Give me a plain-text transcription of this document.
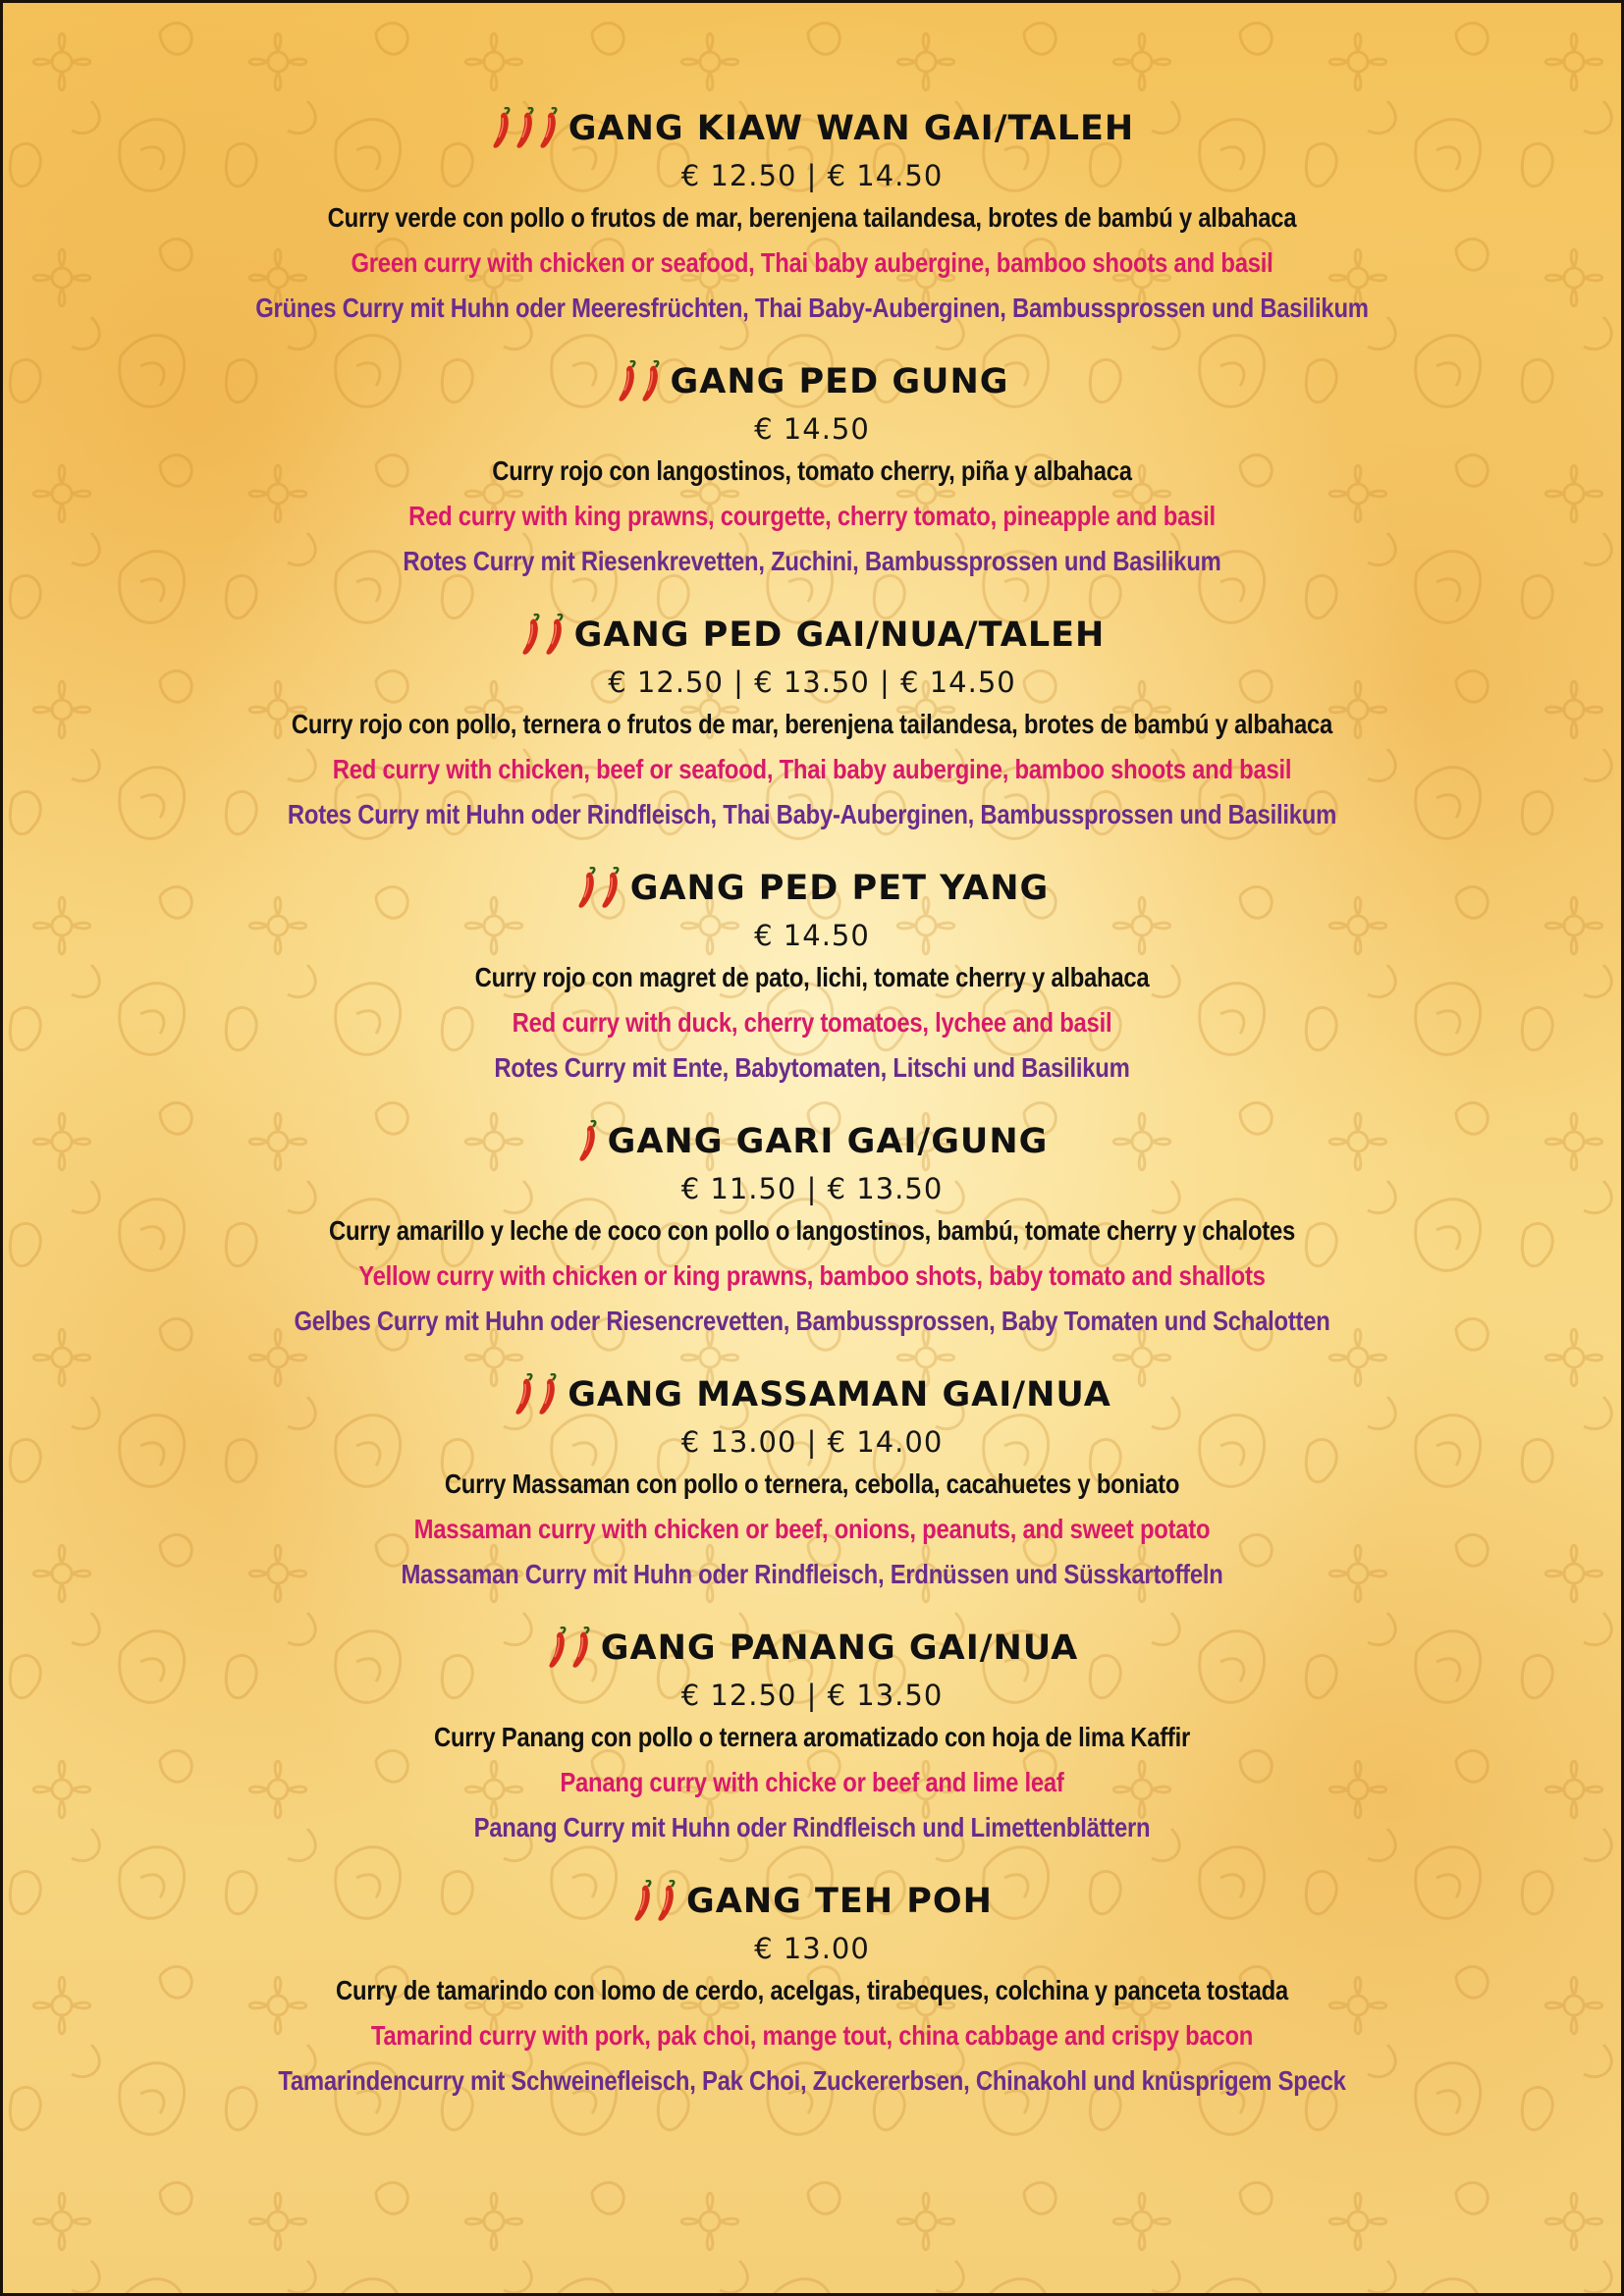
GANG KIAW WAN GAI/TALEH
€ 12.50 | € 14.50
Curry verde con pollo o frutos de mar, berenjena tailandesa, brotes de bambú y albahaca
Green curry with chicken or seafood, Thai baby aubergine, bamboo shoots and basil
Grünes Curry mit Huhn oder Meeresfrüchten, Thai Baby-Auberginen, Bambussprossen und Basilikum
GANG PED GUNG
€ 14.50
Curry rojo con langostinos, tomato cherry, piña y albahaca
Red curry with king prawns, courgette, cherry tomato, pineapple and basil
Rotes Curry mit Riesenkrevetten, Zuchini, Bambussprossen und Basilikum
GANG PED GAI/NUA/TALEH
€ 12.50 | € 13.50 | € 14.50
Curry rojo con pollo, ternera o frutos de mar, berenjena tailandesa, brotes de bambú y albahaca
Red curry with chicken, beef or seafood, Thai baby aubergine, bamboo shoots and basil
Rotes Curry mit Huhn oder Rindfleisch, Thai Baby-Auberginen, Bambussprossen und Basilikum
GANG PED PET YANG
€ 14.50
Curry rojo con magret de pato, lichi, tomate cherry y albahaca
Red curry with duck, cherry tomatoes, lychee and basil
Rotes Curry mit Ente, Babytomaten, Litschi und Basilikum
GANG GARI GAI/GUNG
€ 11.50 | € 13.50
Curry amarillo y leche de coco con pollo o langostinos, bambú, tomate cherry y chalotes
Yellow curry with chicken or king prawns, bamboo shots, baby tomato and shallots
Gelbes Curry mit Huhn oder Riesencrevetten, Bambussprossen, Baby Tomaten und Schalotten
GANG MASSAMAN GAI/NUA
€ 13.00 | € 14.00
Curry Massaman con pollo o ternera, cebolla, cacahuetes y boniato
Massaman curry with chicken or beef, onions, peanuts, and sweet potato
Massaman Curry mit Huhn oder Rindfleisch, Erdnüssen und Süsskartoffeln
GANG PANANG GAI/NUA
€ 12.50 | € 13.50
Curry Panang con pollo o ternera aromatizado con hoja de lima Kaffir
Panang curry with chicke or beef and lime leaf
Panang Curry mit Huhn oder Rindfleisch und Limettenblättern
GANG TEH POH
€ 13.00
Curry de tamarindo con lomo de cerdo, acelgas, tirabeques, colchina y panceta tostada
Tamarind curry with pork, pak choi, mange tout, china cabbage and crispy bacon
Tamarindencurry mit Schweinefleisch, Pak Choi, Zuckererbsen, Chinakohl und knüsprigem Speck
